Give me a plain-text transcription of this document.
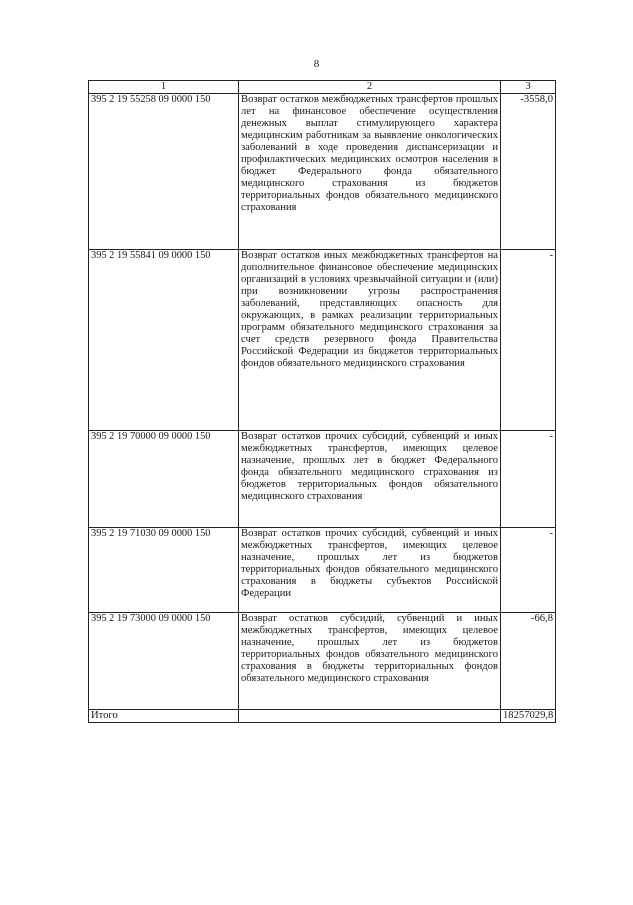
8
1	2	3
395 2 19 55258 09 0000 150	Возврат остатков межбюджетных трансфертов прошлых лет на финансовое обеспечение осуществления денежных выплат стимулирующего характера медицинским работникам за выявление онкологических заболеваний в ходе проведения диспансеризации и профилактических медицинских осмотров населения в бюджет Федерального фонда обязательного медицинского страхования из бюджетов территориальных фондов обязательного медицинского страхования	-3558,0
395 2 19 55841 09 0000 150	Возврат остатков иных межбюджетных трансфертов на дополнительное финансовое обеспечение медицинских организаций в условиях чрезвычайной ситуации и (или) при возникновении угрозы распространения заболеваний, представляющих опасность для окружающих, в рамках реализации территориальных программ обязательного медицинского страхования за счет средств резервного фонда Правительства Российской Федерации из бюджетов территориальных фондов обязательного медицинского страхования	-
395 2 19 70000 09 0000 150	Возврат остатков прочих субсидий, субвенций и иных межбюджетных трансфертов, имеющих целевое назначение, прошлых лет в бюджет Федерального фонда обязательного медицинского страхования из бюджетов территориальных фондов обязательного медицинского страхования	-
395 2 19 71030 09 0000 150	Возврат остатков прочих субсидий, субвенций и иных межбюджетных трансфертов, имеющих целевое назначение, прошлых лет из бюджетов территориальных фондов обязательного медицинского страхования в бюджеты субъектов Российской Федерации	-
395 2 19 73000 09 0000 150	Возврат остатков субсидий, субвенций и иных межбюджетных трансфертов, имеющих целевое назначение, прошлых лет из бюджетов территориальных фондов обязательного медицинского страхования в бюджеты территориальных фондов обязательного медицинского страхования	-66,8
Итого		18257029,8
